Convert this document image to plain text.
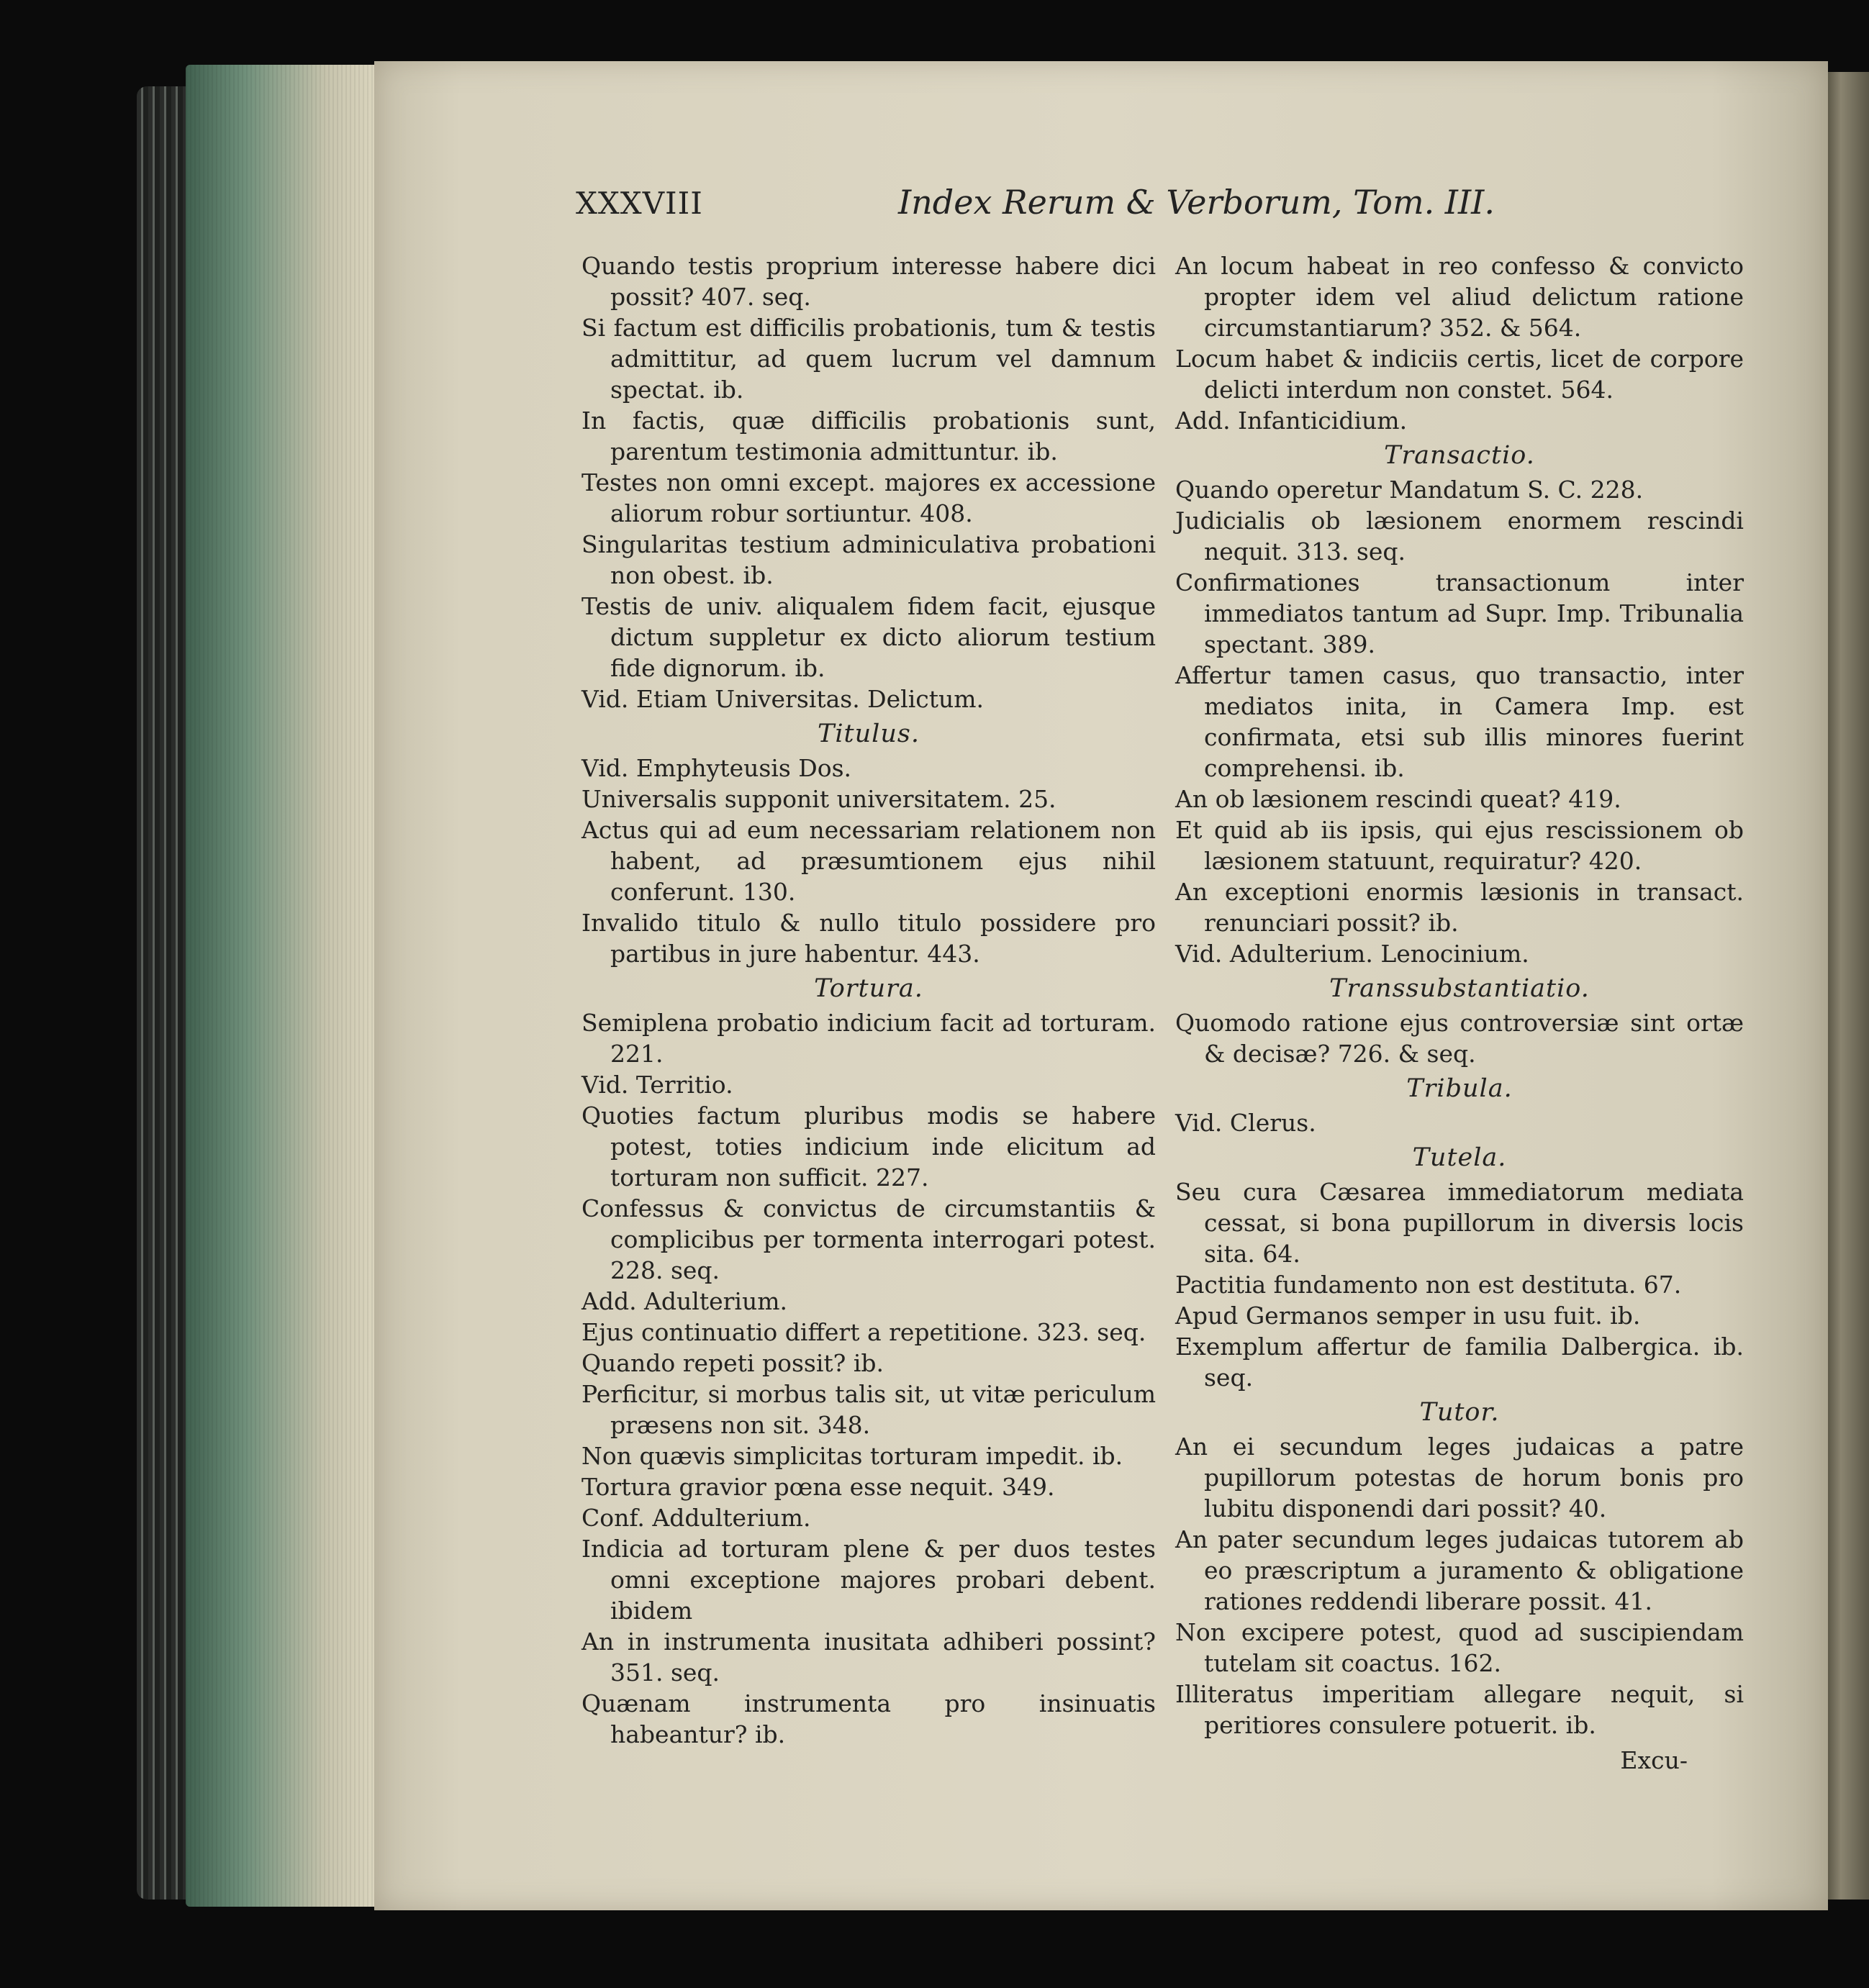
XXXVIII	Index Rerum & Verborum, Tom. III.
Quando testis proprium interesse habere dici possit? 407. seq.
Si factum est difficilis probationis, tum & testis admittitur, ad quem lucrum vel damnum spectat. ib.
In factis, quæ difficilis probationis sunt, parentum testimonia admittuntur. ib.
Testes non omni except. majores ex accessione aliorum robur sortiuntur. 408.
Singularitas testium adminiculativa probationi non obest. ib.
Testis de univ. aliqualem fidem facit, ejusque dictum suppletur ex dicto aliorum testium fide dignorum. ib.
Vid. Etiam Universitas. Delictum.
Titulus.
Vid. Emphyteusis Dos.
Universalis supponit universitatem. 25.
Actus qui ad eum necessariam relationem non habent, ad præsumtionem ejus nihil conferunt. 130.
Invalido titulo & nullo titulo possidere pro partibus in jure habentur. 443.
Tortura.
Semiplena probatio indicium facit ad torturam. 221.
Vid. Territio.
Quoties factum pluribus modis se habere potest, toties indicium inde elicitum ad torturam non sufficit. 227.
Confessus & convictus de circumstantiis & complicibus per tormenta interrogari potest. 228. seq.
Add. Adulterium.
Ejus continuatio differt a repetitione. 323. seq.
Quando repeti possit? ib.
Perficitur, si morbus talis sit, ut vitæ periculum præsens non sit. 348.
Non quævis simplicitas torturam impedit. ib.
Tortura gravior pœna esse nequit. 349.
Conf. Addulterium.
Indicia ad torturam plene & per duos testes omni exceptione majores probari debent. ibidem
An in instrumenta inusitata adhiberi possint? 351. seq.
Quænam instrumenta pro insinuatis habeantur? ib.
An locum habeat in reo confesso & convicto propter idem vel aliud delictum ratione circumstantiarum? 352. & 564.
Locum habet & indiciis certis, licet de corpore delicti interdum non constet. 564.
Add. Infanticidium.
Transactio.
Quando operetur Mandatum S. C. 228.
Judicialis ob læsionem enormem rescindi nequit. 313. seq.
Confirmationes transactionum inter immediatos tantum ad Supr. Imp. Tribunalia spectant. 389.
Affertur tamen casus, quo transactio, inter mediatos inita, in Camera Imp. est confirmata, etsi sub illis minores fuerint comprehensi. ib.
An ob læsionem rescindi queat? 419.
Et quid ab iis ipsis, qui ejus rescissionem ob læsionem statuunt, requiratur? 420.
An exceptioni enormis læsionis in transact. renunciari possit? ib.
Vid. Adulterium. Lenocinium.
Transsubstantiatio.
Quomodo ratione ejus controversiæ sint ortæ & decisæ? 726. & seq.
Tribula.
Vid. Clerus.
Tutela.
Seu cura Cæsarea immediatorum mediata cessat, si bona pupillorum in diversis locis sita. 64.
Pactitia fundamento non est destituta. 67.
Apud Germanos semper in usu fuit. ib.
Exemplum affertur de familia Dalbergica. ib. seq.
Tutor.
An ei secundum leges judaicas a patre pupillorum potestas de horum bonis pro lubitu disponendi dari possit? 40.
An pater secundum leges judaicas tutorem ab eo præscriptum a juramento & obligatione rationes reddendi liberare possit. 41.
Non excipere potest, quod ad suscipiendam tutelam sit coactus. 162.
Illiteratus imperitiam allegare nequit, si peritiores consulere potuerit. ib.
Excu-
